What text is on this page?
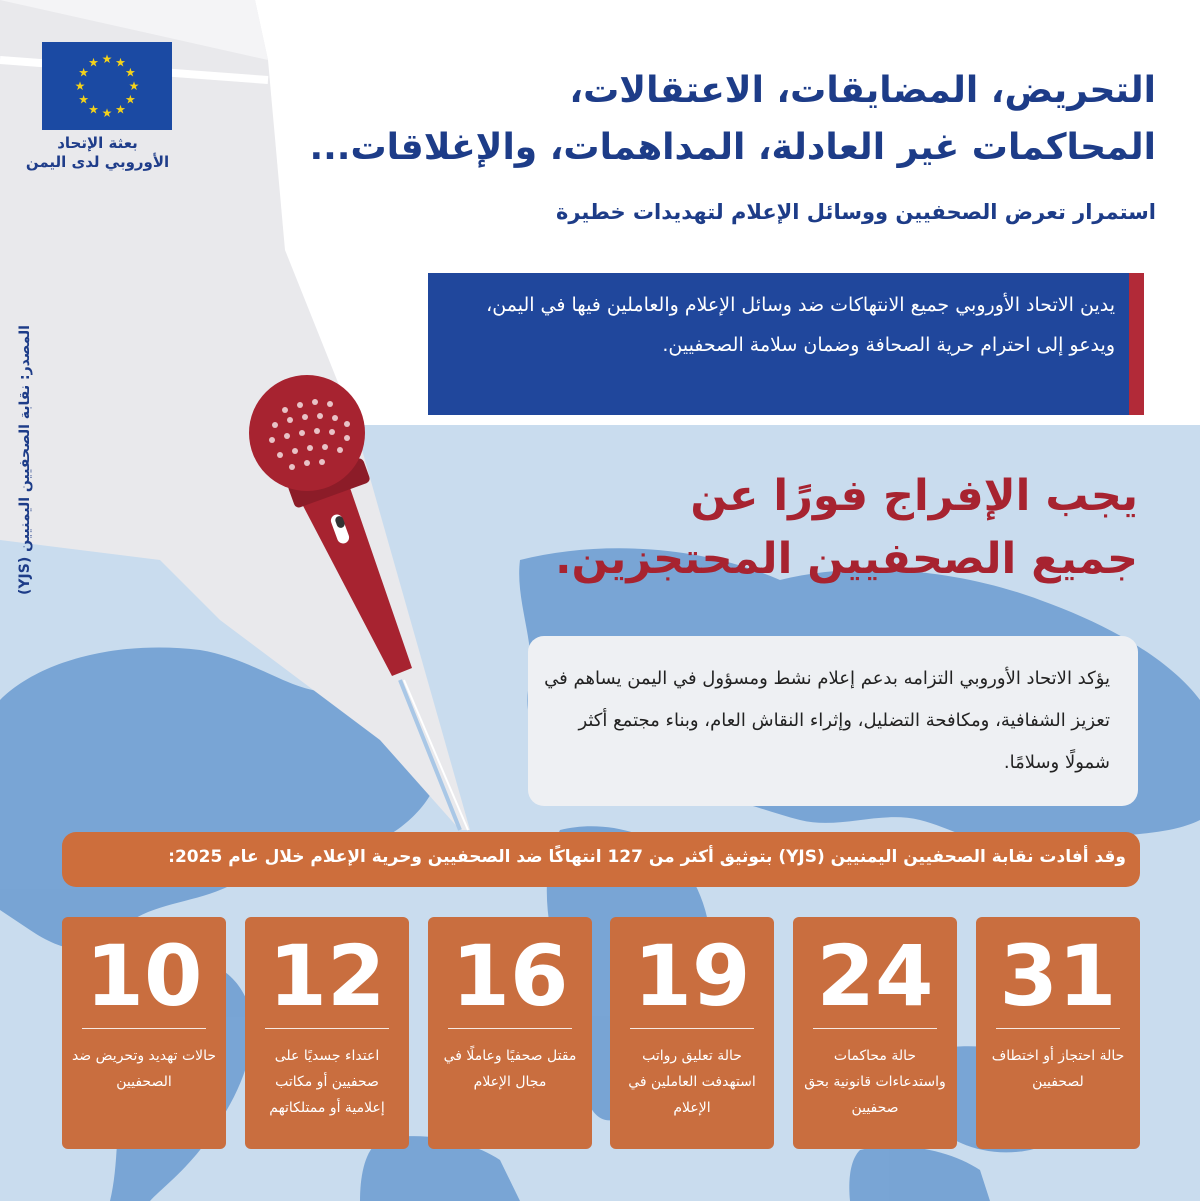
★ ★
★
★
★
★
★
★
★
★
★
★
بعثة الإتحاد
الأوروبي لدى اليمن
التحريض، المضايقات، الاعتقالات،
المحاكمات غير العادلة، المداهمات، والإغلاقات...
استمرار تعرض الصحفيين ووسائل الإعلام لتهديدات خطيرة
يدين الاتحاد الأوروبي جميع الانتهاكات ضد وسائل الإعلام والعاملين فيها في اليمن، ويدعو إلى احترام حرية الصحافة وضمان سلامة الصحفيين.
المصدر: نقابة الصحفيين اليمنيين (YJS)	يجب الإفراج فورًا عن
جميع الصحفيين المحتجزين.
يؤكد الاتحاد الأوروبي التزامه بدعم إعلام نشط ومسؤول في اليمن يساهم في تعزيز الشفافية، ومكافحة التضليل، وإثراء النقاش العام، وبناء مجتمع أكثر شمولًا وسلامًا.
وقد أفادت نقابة الصحفيين اليمنيين (YJS) بتوثيق أكثر من 127 انتهاكًا ضد الصحفيين وحرية الإعلام خلال عام 2025:
31
حالة احتجاز أو اختطاف لصحفيين
24
حالة محاكمات واستدعاءات قانونية بحق صحفيين
19
حالة تعليق رواتب استهدفت العاملين في الإعلام
16
مقتل صحفيًا وعاملًا في مجال الإعلام
12
اعتداء جسديًا على صحفيين أو مكاتب إعلامية أو ممتلكاتهم
10
حالات تهديد وتحريض ضد الصحفيين
